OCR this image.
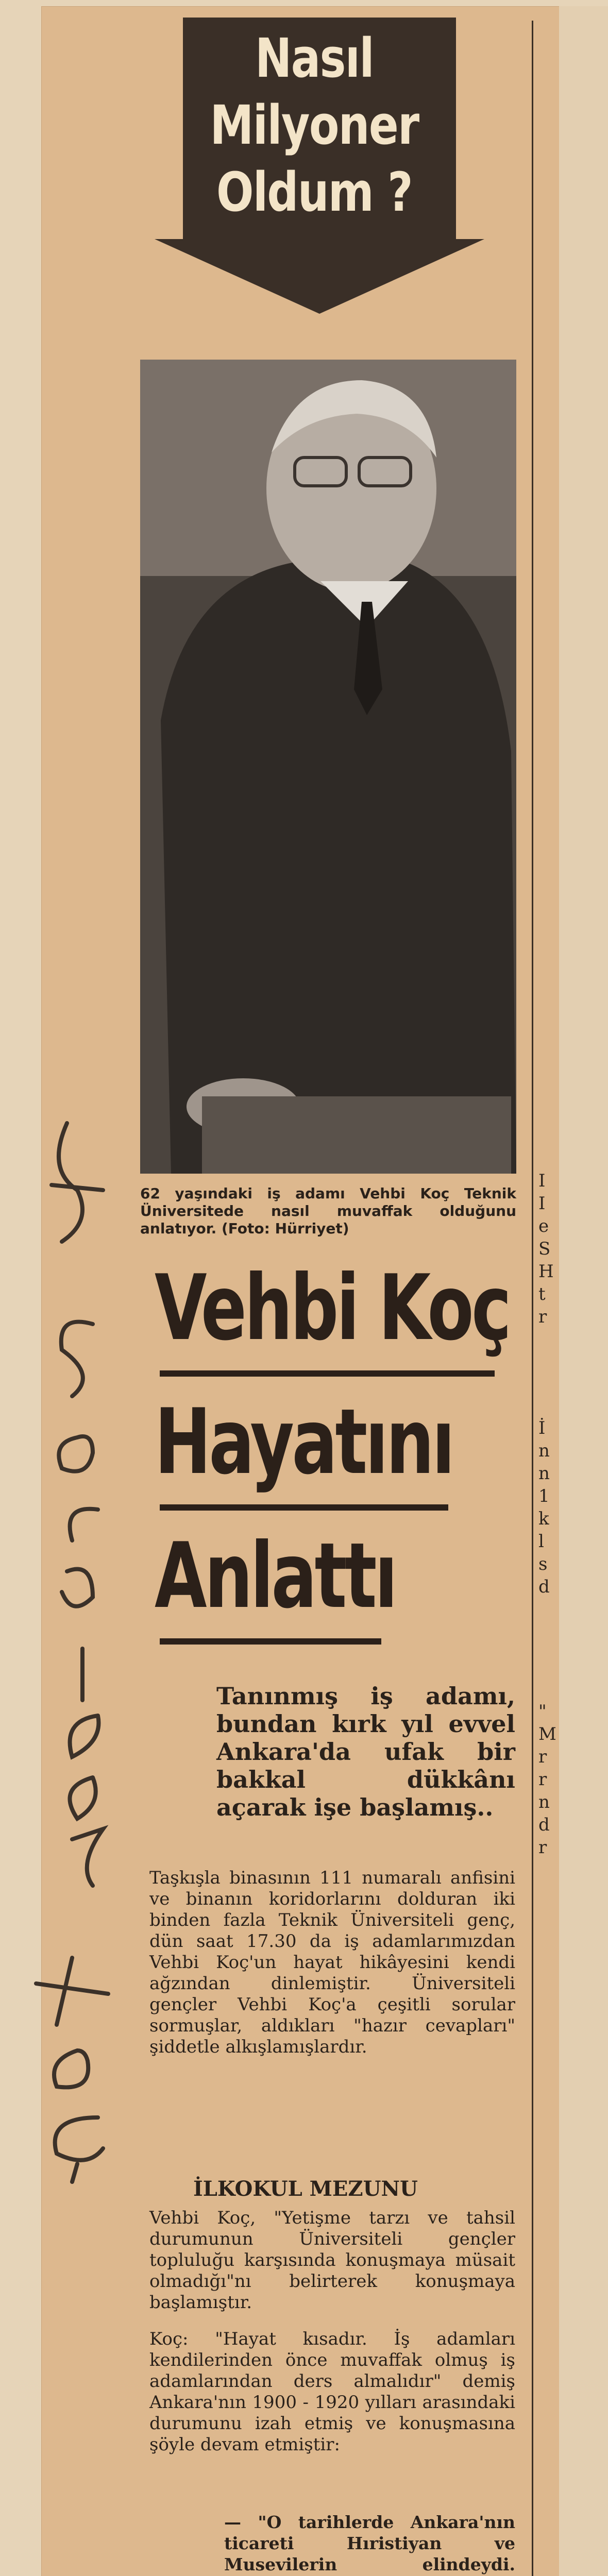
I
I
e
S
H
t
r
İ
n
n
1
k
l
s
d
"
M
r
r
n
d
r
Nasıl
Milyoner
Oldum ?
62 yaşındaki iş adamı Vehbi Koç Teknik Üniversitede nasıl muvaffak olduğunu anlatıyor. (Foto: Hürriyet)
Vehbi Koç
Hayatını
Anlattı
Tanınmış iş adamı, bundan kırk yıl evvel Ankara'da ufak bir bakkal dükkânı açarak işe başlamış..
Taşkışla binasının 111 numaralı anfisini ve binanın koridorlarını dolduran iki binden fazla Teknik Üniversiteli genç, dün saat 17.30 da iş adamlarımızdan Vehbi Koç'un hayat hikâyesini kendi ağzından dinlemiştir. Üniversiteli gençler Vehbi Koç'a çeşitli sorular sormuşlar, aldıkları "hazır cevapları" şiddetle alkışlamışlardır.
İLKOKUL MEZUNU
Vehbi Koç, "Yetişme tarzı ve tahsil durumunun Üniversiteli gençler topluluğu karşısında konuşmaya müsait olmadığı"nı belirterek konuşmaya başlamıştır.
Koç: "Hayat kısadır. İş adamları kendilerinden önce muvaffak olmuş iş adamlarından ders almalıdır" demiş Ankara'nın 1900 - 1920 yılları arasındaki durumunu izah etmiş ve konuşmasına şöyle devam etmiştir:
— "O tarihlerde Ankara'nın ticareti Hıristiyan ve Musevilerin elindeydi.
